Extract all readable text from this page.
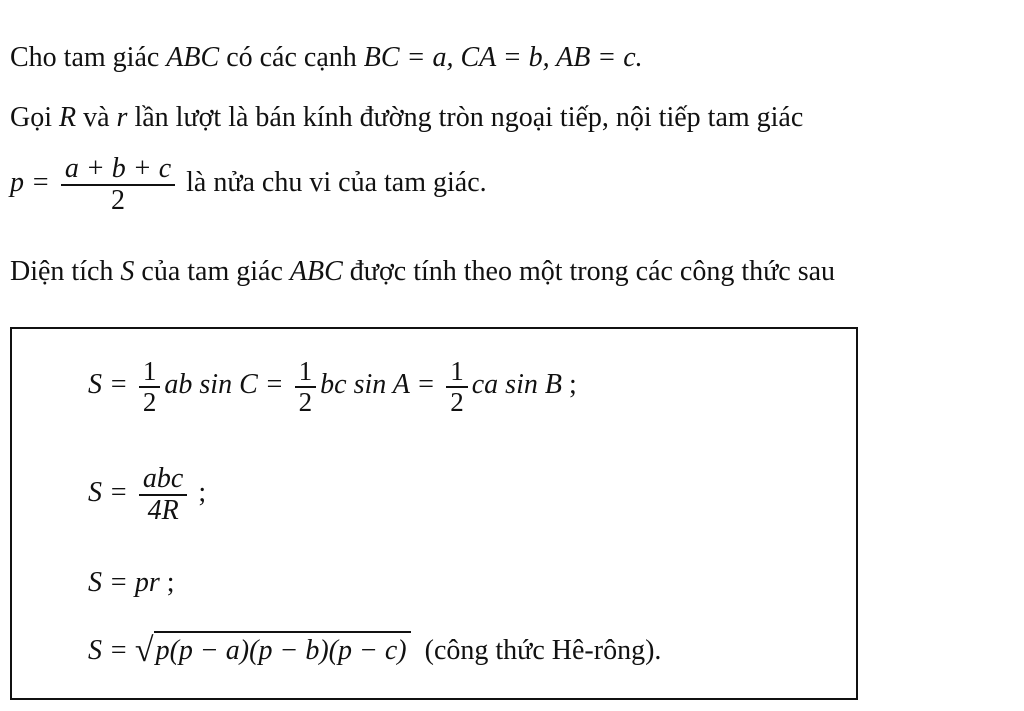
Cho tam giác ABC có các cạnh BC = a, CA = b, AB = c.
Gọi R và r lần lượt là bán kính đường tròn ngoại tiếp, nội tiếp tam giác
$p = \frac{a + b + c}{2}$ là nửa chu vi của tam giác.
Diện tích S của tam giác ABC được tính theo một trong các công thức sau
$S = \frac{1}{2}$ ab $\sin C = \frac{1}{2}$ bc $\sin A = \frac{1}{2}$ ca sin B ;
$S = \frac{\text{abc}}{4R}$ ;
S = pr ;
S = √p(p − a)(p − b)(p − c) (công thức Hê-rông).
